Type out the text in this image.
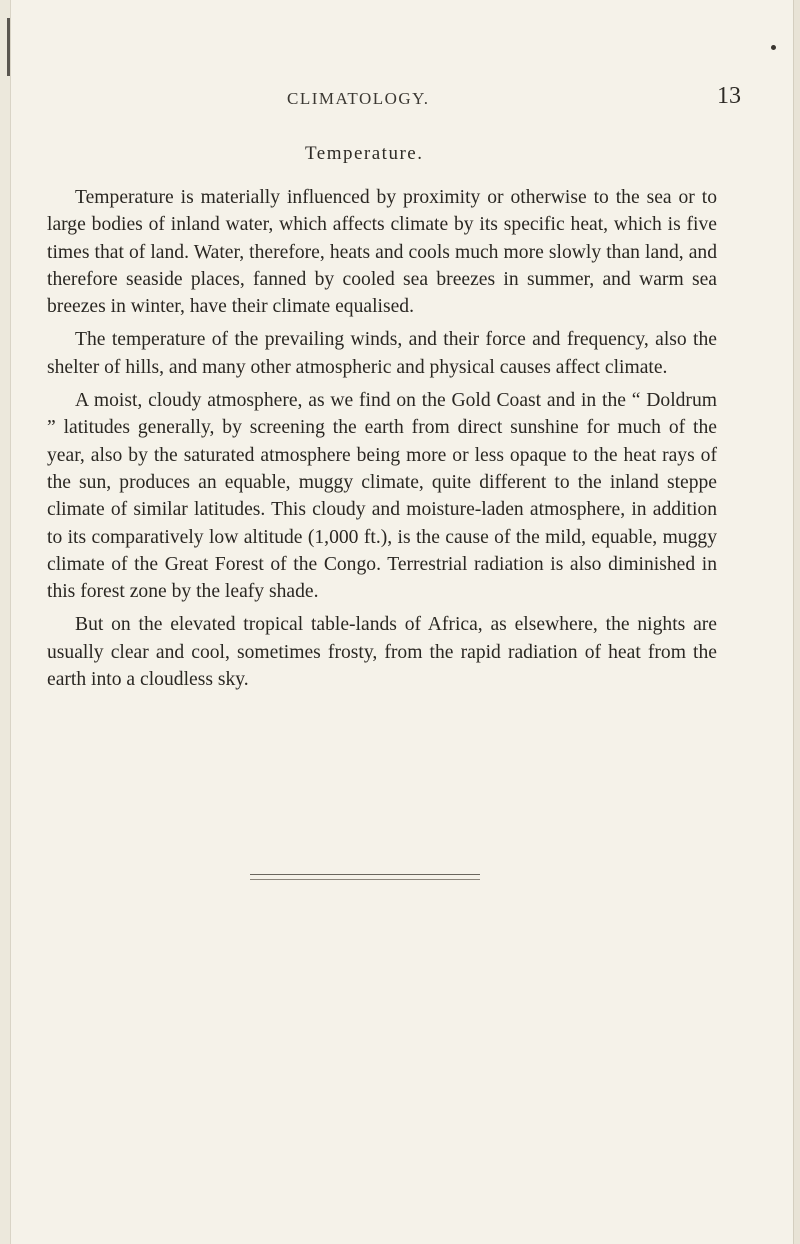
CLIMATOLOGY.	13
Temperature.

Temperature is materially influenced by proximity or otherwise to the sea or to large bodies of inland water, which affects climate by its specific heat, which is five times that of land. Water, therefore, heats and cools much more slowly than land, and therefore seaside places, fanned by cooled sea breezes in summer, and warm sea breezes in winter, have their climate equalised.

The temperature of the prevailing winds, and their force and frequency, also the shelter of hills, and many other atmospheric and physical causes affect climate.

A moist, cloudy atmosphere, as we find on the Gold Coast and in the “ Doldrum ” latitudes generally, by screening the earth from direct sunshine for much of the year, also by the saturated atmosphere being more or less opaque to the heat rays of the sun, produces an equable, muggy climate, quite different to the inland steppe climate of similar latitudes. This cloudy and moisture-laden atmosphere, in addition to its comparatively low altitude (1,000 ft.), is the cause of the mild, equable, muggy climate of the Great Forest of the Congo. Terrestrial radiation is also diminished in this forest zone by the leafy shade.

But on the elevated tropical table-lands of Africa, as elsewhere, the nights are usually clear and cool, sometimes frosty, from the rapid radiation of heat from the earth into a cloudless sky.
